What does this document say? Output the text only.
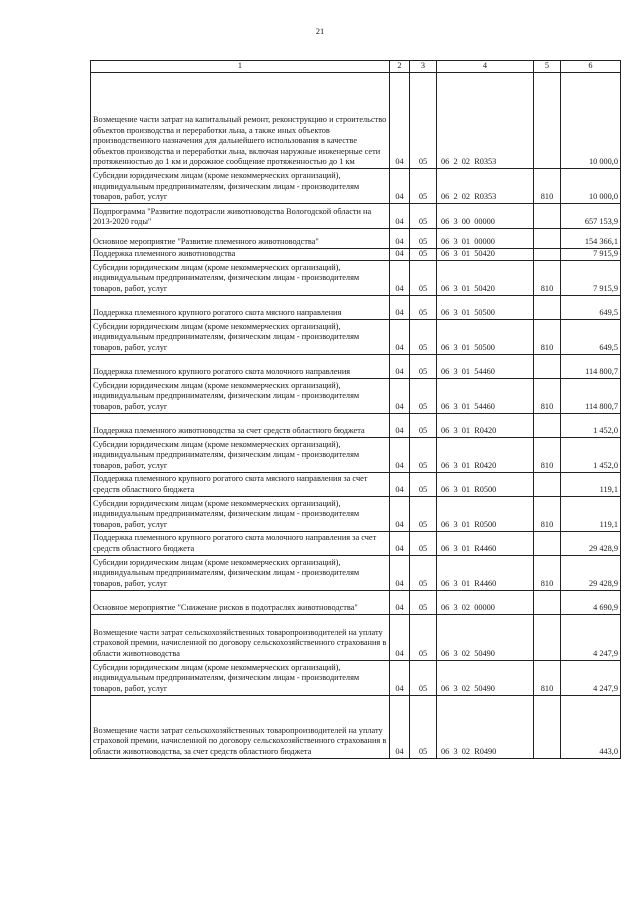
21
1	2	3	4	5	6
Возмещение части затрат на капитальный ремонт, реконструкцию и строительство объектов производства и переработки льна, а также иных объектов производственного назначения для дальнейшего использования в качестве объектов производства и переработки льна, включая наружные инженерные сети протяженностью до 1 км и дорожное сообщение протяженностью до 1 км	04	05	06  2  02  R0353		10 000,0
Субсидии юридическим лицам (кроме некоммерческих организаций), индивидуальным предпринимателям, физическим лицам - производителям товаров, работ, услуг	04	05	06  2  02  R0353	810	10 000,0
Подпрограмма "Развитие подотрасли животноводства Вологодской области на 2013-2020 годы"	04	05	06  3  00  00000		657 153,9
Основное мероприятие "Развитие племенного животноводства"	04	05	06  3  01  00000		154 366,1
Поддержка племенного животноводства	04	05	06  3  01  50420		7 915,9
Субсидии юридическим лицам (кроме некоммерческих организаций), индивидуальным предпринимателям, физическим лицам - производителям товаров, работ, услуг	04	05	06  3  01  50420	810	7 915,9
Поддержка племенного крупного рогатого скота мясного направления	04	05	06  3  01  50500		649,5
Субсидии юридическим лицам (кроме некоммерческих организаций), индивидуальным предпринимателям, физическим лицам - производителям товаров, работ, услуг	04	05	06  3  01  50500	810	649,5
Поддержка племенного крупного рогатого скота молочного направления	04	05	06  3  01  54460		114 800,7
Субсидии юридическим лицам (кроме некоммерческих организаций), индивидуальным предпринимателям, физическим лицам - производителям товаров, работ, услуг	04	05	06  3  01  54460	810	114 800,7
Поддержка племенного животноводства за счет средств областного бюджета	04	05	06  3  01  R0420		1 452,0
Субсидии юридическим лицам (кроме некоммерческих организаций), индивидуальным предпринимателям, физическим лицам - производителям товаров, работ, услуг	04	05	06  3  01  R0420	810	1 452,0
Поддержка племенного крупного рогатого скота мясного направления за счет средств областного бюджета	04	05	06  3  01  R0500		119,1
Субсидии юридическим лицам (кроме некоммерческих организаций), индивидуальным предпринимателям, физическим лицам - производителям товаров, работ, услуг	04	05	06  3  01  R0500	810	119,1
Поддержка племенного крупного рогатого скота молочного направления за счет средств областного бюджета	04	05	06  3  01  R4460		29 428,9
Субсидии юридическим лицам (кроме некоммерческих организаций), индивидуальным предпринимателям, физическим лицам - производителям товаров, работ, услуг	04	05	06  3  01  R4460	810	29 428,9
Основное мероприятие "Снижение рисков в подотраслях животноводства"	04	05	06  3  02  00000		4 690,9
Возмещение части затрат сельскохозяйственных товаропроизводителей на уплату страховой премии, начисленной по договору сельскохозяйственного страхования в области животноводства	04	05	06  3  02  50490		4 247,9
Субсидии юридическим лицам (кроме некоммерческих организаций), индивидуальным предпринимателям, физическим лицам - производителям товаров, работ, услуг	04	05	06  3  02  50490	810	4 247,9
Возмещение части затрат сельскохозяйственных товаропроизводителей на уплату страховой премии, начисленной по договору сельскохозяйственного страхования в области животноводства, за счет средств областного бюджета	04	05	06  3  02  R0490		443,0
